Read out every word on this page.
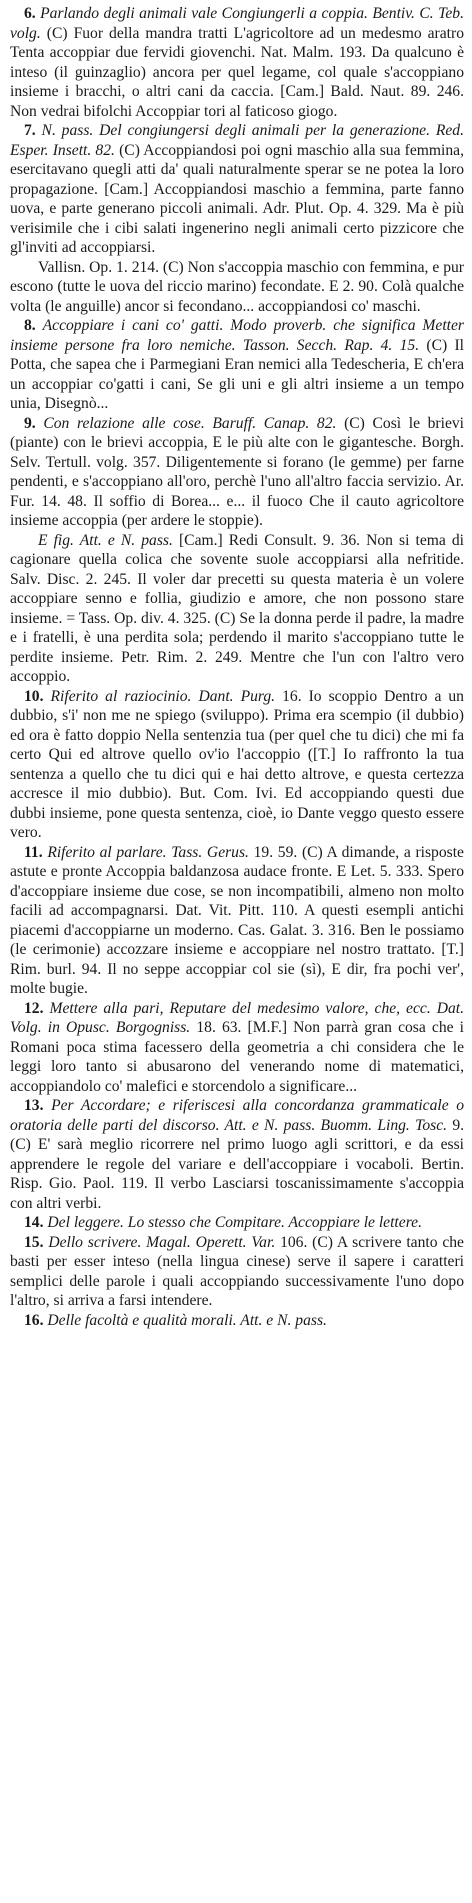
6. Parlando degli animali vale Congiungerli a coppia. Bentiv. C. Teb. volg. (C) Fuor della mandra tratti L'agricoltore ad un medesmo aratro Tenta accoppiar due fervidi giovenchi. Nat. Malm. 193. Da qualcuno è inteso (il guinzaglio) ancora per quel legame, col quale s'accoppiano insieme i bracchi, o altri cani da caccia. [Cam.] Bald. Naut. 89. 246. Non vedrai bifolchi Accoppiar tori al faticoso giogo.

7. N. pass. Del congiungersi degli animali per la generazione. Red. Esper. Insett. 82. (C) Accoppiandosi poi ogni maschio alla sua femmina, esercitavano quegli atti da' quali naturalmente sperar se ne potea la loro propagazione. [Cam.] Accoppiandosi maschio a femmina, parte fanno uova, e parte generano piccoli animali. Adr. Plut. Op. 4. 329. Ma è più verisimile che i cibi salati ingenerino negli animali certo pizzicore che gl'inviti ad accoppiarsi.

Vallisn. Op. 1. 214. (C) Non s'accoppia maschio con femmina, e pur escono (tutte le uova del riccio marino) fecondate. E 2. 90. Colà qualche volta (le anguille) ancor si fecondano... accoppiandosi co' maschi.

8. Accoppiare i cani co' gatti. Modo proverb. che significa Metter insieme persone fra loro nemiche. Tasson. Secch. Rap. 4. 15. (C) Il Potta, che sapea che i Parmegiani Eran nemici alla Tedescheria, E ch'era un accoppiar co'gatti i cani, Se gli uni e gli altri insieme a un tempo unia, Disegnò...

9. Con relazione alle cose. Baruff. Canap. 82. (C) Così le brievi (piante) con le brievi accoppia, E le più alte con le gigantesche. Borgh. Selv. Tertull. volg. 357. Diligentemente si forano (le gemme) per farne pendenti, e s'accoppiano all'oro, perchè l'uno all'altro faccia servizio. Ar. Fur. 14. 48. Il soffio di Borea... e... il fuoco Che il cauto agricoltore insieme accoppia (per ardere le stoppie).

E fig. Att. e N. pass. [Cam.] Redi Consult. 9. 36. Non si tema di cagionare quella colica che sovente suole accoppiarsi alla nefritide. Salv. Disc. 2. 245. Il voler dar precetti su questa materia è un volere accoppiare senno e follia, giudizio e amore, che non possono stare insieme. = Tass. Op. div. 4. 325. (C) Se la donna perde il padre, la madre e i fratelli, è una perdita sola; perdendo il marito s'accoppiano tutte le perdite insieme. Petr. Rim. 2. 249. Mentre che l'un con l'altro vero accoppio.

10. Riferito al raziocinio. Dant. Purg. 16. Io scoppio Dentro a un dubbio, s'i' non me ne spiego (sviluppo). Prima era scempio (il dubbio) ed ora è fatto doppio Nella sentenzia tua (per quel che tu dici) che mi fa certo Qui ed altrove quello ov'io l'accoppio ([T.] Io raffronto la tua sentenza a quello che tu dici qui e hai detto altrove, e questa certezza accresce il mio dubbio). But. Com. Ivi. Ed accoppiando questi due dubbi insieme, pone questa sentenza, cioè, io Dante veggo questo essere vero.

11. Riferito al parlare. Tass. Gerus. 19. 59. (C) A dimande, a risposte astute e pronte Accoppia baldanzosa audace fronte. E Let. 5. 333. Spero d'accoppiare insieme due cose, se non incompatibili, almeno non molto facili ad accompagnarsi. Dat. Vit. Pitt. 110. A questi esempli antichi piacemi d'accoppiarne un moderno. Cas. Galat. 3. 316. Ben le possiamo (le cerimonie) accozzare insieme e accoppiare nel nostro trattato. [T.] Rim. burl. 94. Il no seppe accoppiar col sie (sì), E dir, fra pochi ver', molte bugie.

12. Mettere alla pari, Reputare del medesimo valore, che, ecc. Dat. Volg. in Opusc. Borgogniss. 18. 63. [M.F.] Non parrà gran cosa che i Romani poca stima facessero della geometria a chi considera che le leggi loro tanto si abusarono del venerando nome di matematici, accoppiandolo co' malefici e storcendolo a significare...

13. Per Accordare; e riferiscesi alla concordanza grammaticale o oratoria delle parti del discorso. Att. e N. pass. Buomm. Ling. Tosc. 9. (C) E' sarà meglio ricorrere nel primo luogo agli scrittori, e da essi apprendere le regole del variare e dell'accoppiare i vocaboli. Bertin. Risp. Gio. Paol. 119. Il verbo Lasciarsi toscanissimamente s'accoppia con altri verbi.

14. Del leggere. Lo stesso che Compitare. Accoppiare le lettere.

15. Dello scrivere. Magal. Operett. Var. 106. (C) A scrivere tanto che basti per esser inteso (nella lingua cinese) serve il sapere i caratteri semplici delle parole i quali accoppiando successivamente l'uno dopo l'altro, si arriva a farsi intendere.

16. Delle facoltà e qualità morali. Att. e N. pass.
